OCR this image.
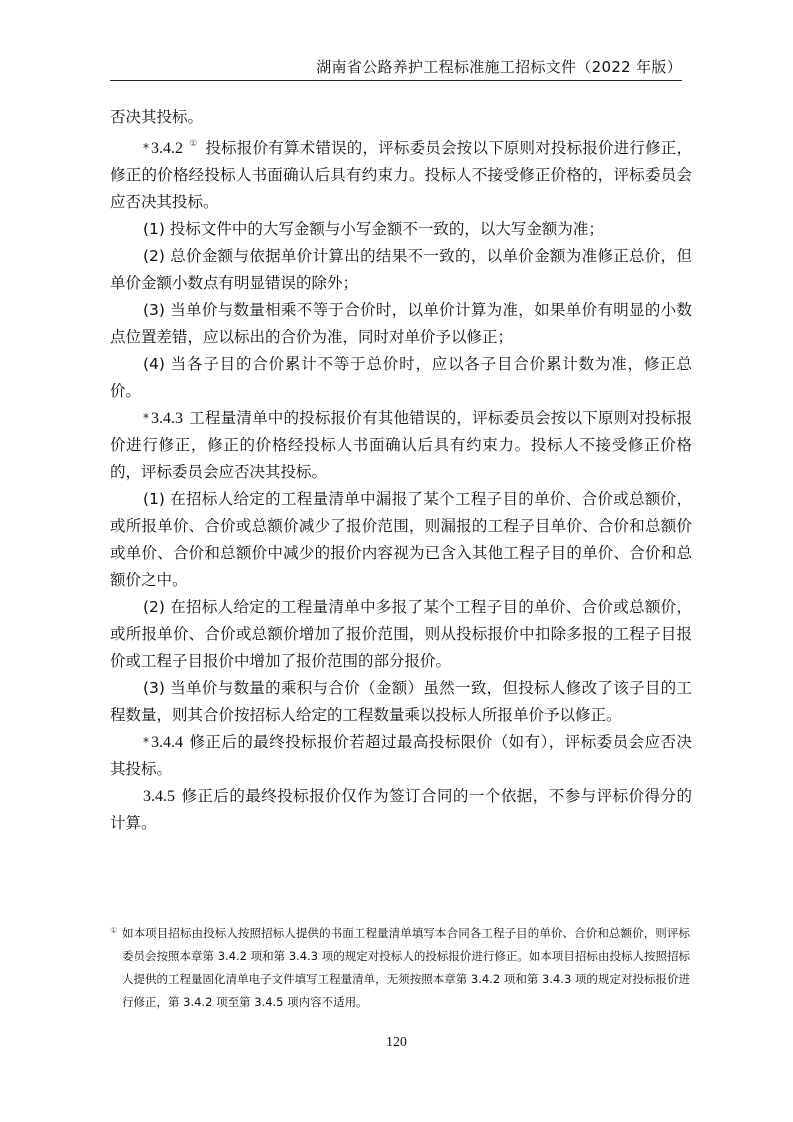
湖南省公路养护工程标准施工招标文件（2022 年版）

否决其投标。

* 3.4.2 ① 投标报价有算术错误的，评标委员会按以下原则对投标报价进行修正，修正的价格经投标人书面确认后具有约束力。投标人不接受修正价格的，评标委员会应否决其投标。

(1) 投标文件中的大写金额与小写金额不一致的，以大写金额为准；

(2) 总价金额与依据单价计算出的结果不一致的，以单价金额为准修正总价，但单价金额小数点有明显错误的除外；

(3) 当单价与数量相乘不等于合价时，以单价计算为准，如果单价有明显的小数点位置差错，应以标出的合价为准，同时对单价予以修正；

(4) 当各子目的合价累计不等于总价时，应以各子目合价累计数为准，修正总价。

* 3.4.3 工程量清单中的投标报价有其他错误的，评标委员会按以下原则对投标报价进行修正，修正的价格经投标人书面确认后具有约束力。投标人不接受修正价格的，评标委员会应否决其投标。

(1) 在招标人给定的工程量清单中漏报了某个工程子目的单价、合价或总额价，或所报单价、合价或总额价减少了报价范围，则漏报的工程子目单价、合价和总额价或单价、合价和总额价中减少的报价内容视为已含入其他工程子目的单价、合价和总额价之中。

(2) 在招标人给定的工程量清单中多报了某个工程子目的单价、合价或总额价，或所报单价、合价或总额价增加了报价范围，则从投标报价中扣除多报的工程子目报价或工程子目报价中增加了报价范围的部分报价。

(3) 当单价与数量的乘积与合价（金额）虽然一致，但投标人修改了该子目的工程数量，则其合价按招标人给定的工程数量乘以投标人所报单价予以修正。

* 3.4.4 修正后的最终投标报价若超过最高投标限价（如有），评标委员会应否决其投标。

3.4.5 修正后的最终投标报价仅作为签订合同的一个依据，不参与评标价得分的计算。

① 如本项目招标由投标人按照招标人提供的书面工程量清单填写本合同各工程子目的单价、合价和总额价，则评标委员会按照本章第 3.4.2 项和第 3.4.3 项的规定对投标人的投标报价进行修正。如本项目招标由投标人按照招标人提供的工程量固化清单电子文件填写工程量清单，无须按照本章第 3.4.2 项和第 3.4.3 项的规定对投标报价进行修正，第 3.4.2 项至第 3.4.5 项内容不适用。

120
